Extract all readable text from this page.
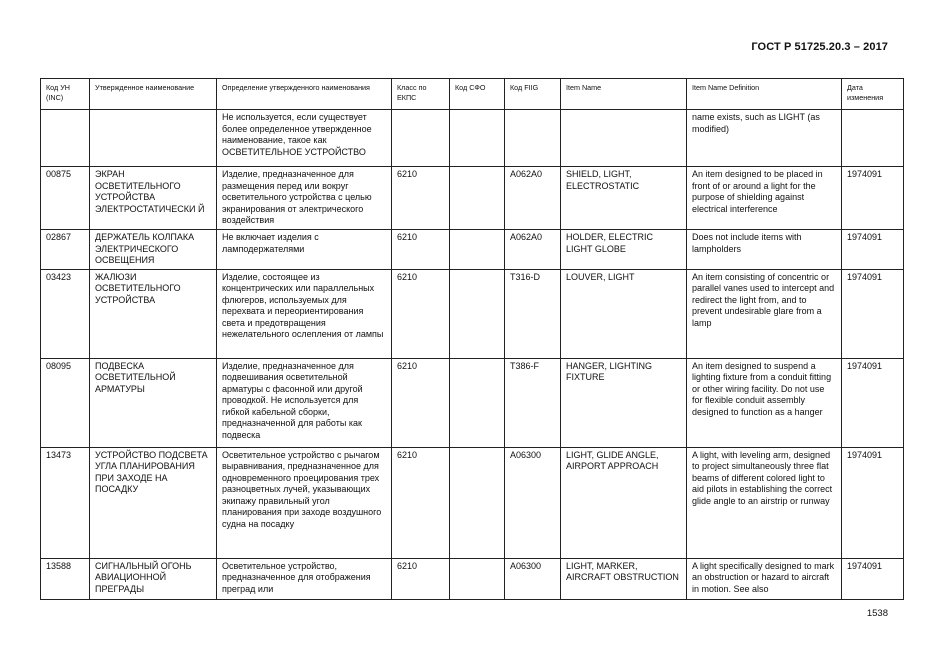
ГОСТ Р 51725.20.3 – 2017
Код УН (INC)	Утвержденное наименование	Определение утвержденного наименования	Класс по ЕКПС	Код СФО	Код FIIG	Item Name	Item Name Definition	Дата изменения
		Не используется, если существует более определенное утвержденное наименование, такое как ОСВЕТИТЕЛЬНОЕ УСТРОЙСТВО					name exists, such as LIGHT (as modified)	
00875	ЭКРАН ОСВЕТИТЕЛЬНОГО УСТРОЙСТВА ЭЛЕКТРОСТАТИЧЕСКИ Й	Изделие, предназначенное для размещения перед или вокруг осветительного устройства с целью экранирования от электрического воздействия	6210		A062A0	SHIELD, LIGHT, ELECTROSTATIC	An item designed to be placed in front of or around a light for the purpose of shielding against electrical interference	1974091
02867	ДЕРЖАТЕЛЬ КОЛПАКА ЭЛЕКТРИЧЕСКОГО ОСВЕЩЕНИЯ	Не включает изделия с ламподержателями	6210		A062A0	HOLDER, ELECTRIC LIGHT GLOBE	Does not include items with lampholders	1974091
03423	ЖАЛЮЗИ ОСВЕТИТЕЛЬНОГО УСТРОЙСТВА	Изделие, состоящее из концентрических или параллельных флюгеров, используемых для перехвата и переориентирования света и предотвращения нежелательного ослепления от лампы	6210		T316-D	LOUVER, LIGHT	An item consisting of concentric or parallel vanes used to intercept and redirect the light from, and to prevent undesirable glare from a lamp	1974091
08095	ПОДВЕСКА ОСВЕТИТЕЛЬНОЙ АРМАТУРЫ	Изделие, предназначенное для подвешивания осветительной арматуры с фасонной или другой проводкой. Не используется для гибкой кабельной сборки, предназначенной для работы как подвеска	6210		T386-F	HANGER, LIGHTING FIXTURE	An item designed to suspend a lighting fixture from a conduit fitting or other wiring facility. Do not use for flexible conduit assembly designed to function as a hanger	1974091
13473	УСТРОЙСТВО ПОДСВЕТА УГЛА ПЛАНИРОВАНИЯ ПРИ ЗАХОДЕ НА ПОСАДКУ	Осветительное устройство с рычагом выравнивания, предназначенное для одновременного проецирования трех разноцветных лучей, указывающих экипажу правильный угол планирования при заходе воздушного судна на посадку	6210		A06300	LIGHT, GLIDE ANGLE, AIRPORT APPROACH	A light, with leveling arm, designed to project simultaneously three flat beams of different colored light to aid pilots in establishing the correct glide angle to an airstrip or runway	1974091
13588	СИГНАЛЬНЫЙ ОГОНЬ АВИАЦИОННОЙ ПРЕГРАДЫ	Осветительное устройство, предназначенное для отображения преград или	6210		A06300	LIGHT, MARKER, AIRCRAFT OBSTRUCTION	A light specifically designed to mark an obstruction or hazard to aircraft in motion. See also	1974091
1538
